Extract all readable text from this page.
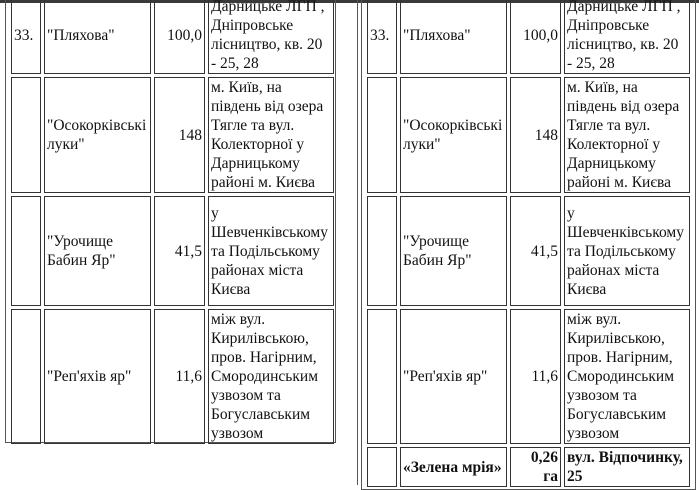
33.	"Пляхова"	100,0	Дарницьке ЛГП , Дніпровське лісництво, кв. 20 - 25, 28
	"Осокорківські луки"	148	м. Київ, на південь від озера Тягле та вул. Колекторної у Дарницькому районі м. Києва
	"Урочище Бабин Яр"	41,5	у Шевченківському та Подільському районах міста Києва
	"Реп'яхів яр"	11,6	між вул. Кирилівською, пров. Нагірним, Смородинським узвозом та Богуславським узвозом
33.	"Пляхова"	100,0	Дарницьке ЛГП , Дніпровське лісництво, кв. 20 - 25, 28
	"Осокорківські луки"	148	м. Київ, на південь від озера Тягле та вул. Колекторної у Дарницькому районі м. Києва
	"Урочище Бабин Яр"	41,5	у Шевченківському та Подільському районах міста Києва
	"Реп'яхів яр"	11,6	між вул. Кирилівською, пров. Нагірним, Смородинським узвозом та Богуславським узвозом
	«Зелена мрія»	0,26 га	вул. Відпочинку, 25
